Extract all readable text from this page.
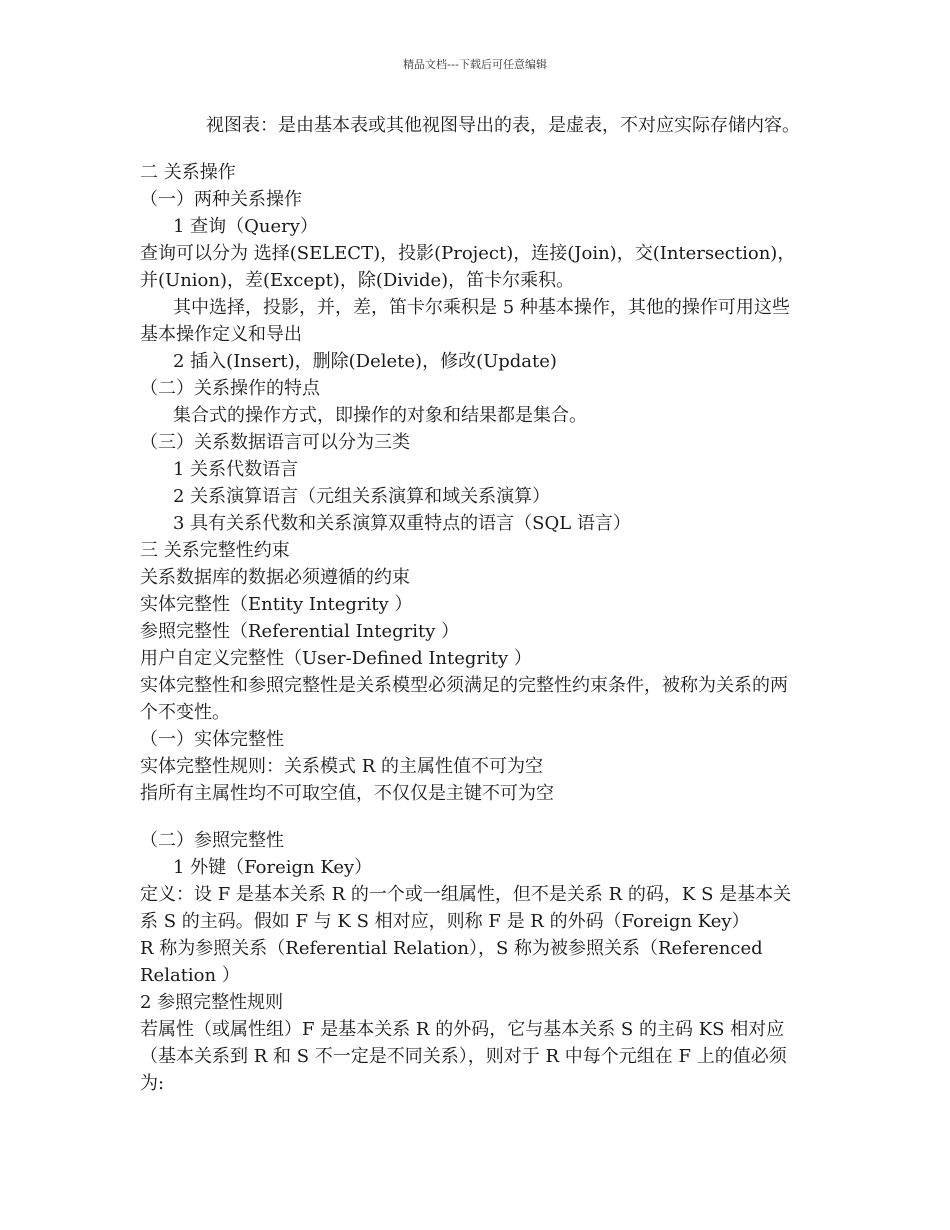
精品文档---下载后可任意编辑
视图表：是由基本表或其他视图导出的表，是虚表，不对应实际存储内容。
二 关系操作
（一）两种关系操作
1 查询（Query）
查询可以分为 选择(SELECT)，投影(Project)，连接(Join)，交(Intersection)，
并(Union)，差(Except)，除(Divide)，笛卡尔乘积。
其中选择，投影，并，差，笛卡尔乘积是 5 种基本操作，其他的操作可用这些
基本操作定义和导出
2 插入(Insert)，删除(Delete)，修改(Update)
（二）关系操作的特点
集合式的操作方式，即操作的对象和结果都是集合。
（三）关系数据语言可以分为三类
1 关系代数语言
2 关系演算语言（元组关系演算和域关系演算）
3 具有关系代数和关系演算双重特点的语言（SQL 语言）
三 关系完整性约束
关系数据库的数据必须遵循的约束
实体完整性（Entity Integrity ）
参照完整性（Referential Integrity ）
用户自定义完整性（User-Defined Integrity ）
实体完整性和参照完整性是关系模型必须满足的完整性约束条件，被称为关系的两
个不变性。
（一）实体完整性
实体完整性规则：关系模式 R 的主属性值不可为空
指所有主属性均不可取空值，不仅仅是主键不可为空
（二）参照完整性
1 外键（Foreign Key）
定义：设 F 是基本关系 R 的一个或一组属性，但不是关系 R 的码，K S 是基本关
系 S 的主码。假如 F 与 K S 相对应，则称 F 是 R 的外码（Foreign Key）
R 称为参照关系（Referential Relation），S 称为被参照关系（Referenced
Relation ）
2 参照完整性规则
若属性（或属性组）F 是基本关系 R 的外码，它与基本关系 S 的主码 KS 相对应
（基本关系到 R 和 S 不一定是不同关系），则对于 R 中每个元组在 F 上的值必须
为:
